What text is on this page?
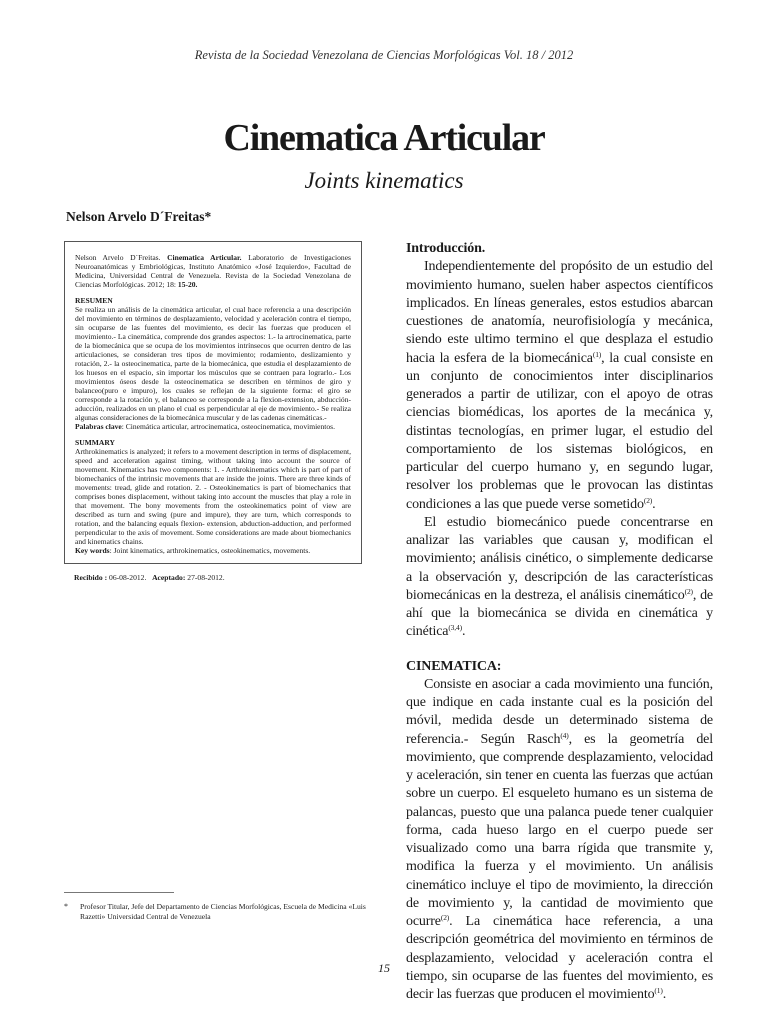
Revista de la Sociedad Venezolana de Ciencias Morfológicas Vol. 18 / 2012
Cinematica Articular
Joints kinematics
Nelson Arvelo D´Freitas*

Nelson Arvelo D´Freitas. Cinematica Articular. Laboratorio de Investigaciones Neuroanatómicas y Embriológicas, Instituto Anatómico «José Izquierdo», Facultad de Medicina, Universidad Central de Venezuela. Revista de la Sociedad Venezolana de Ciencias Morfológicas. 2012; 18: 15-20.

RESUMEN

Se realiza un análisis de la cinemática articular, el cual hace referencia a una descripción del movimiento en términos de desplazamiento, velocidad y aceleración contra el tiempo, sin ocuparse de las fuentes del movimiento, es decir las fuerzas que producen el movimiento.- La cinemática, comprende dos grandes aspectos: 1.- la artrocinematica, parte de la biomecánica que se ocupa de los movimientos intrínsecos que ocurren dentro de las articulaciones, se consideran tres tipos de movimiento; rodamiento, deslizamiento y rotación, 2.- la osteocinematica, parte de la biomecánica, que estudia el desplazamiento de los huesos en el espacio, sin importar los músculos que se contraen para lograrlo.- Los movimientos óseos desde la osteocinematica se describen en términos de giro y balanceo(puro e impuro), los cuales se reflejan de la siguiente forma: el giro se corresponde a la rotación y, el balanceo se corresponde a la flexion-extension, abducción-aducción, realizados en un plano el cual es perpendicular al eje de movimiento.- Se realiza algunas consideraciones de la biomecánica muscular y de las cadenas cinemáticas.-

Palabras clave: Cinemática articular, artrocinematica, osteocinematica, movimientos.

SUMMARY

Arthrokinematics is analyzed; it refers to a movement description in terms of displacement, speed and acceleration against timing, without taking into account the source of movement. Kinematics has two components: 1. - Arthrokinematics which is part of part of biomechanics of the intrinsic movements that are inside the joints. There are three kinds of movements: tread, glide and rotation. 2. - Osteokinematics is part of biomechanics that comprises bones displacement, without taking into account the muscles that play a role in that movement. The bony movements from the osteokinematics point of view are described as turn and swing (pure and impure), they are turn, which corresponds to rotation, and the balancing equals flexion- extension, abduction-adduction, and performed perpendicular to the axis of movement. Some considerations are made about biomechanics and kinematics chains.

Key words: Joint kinematics, arthrokinematics, osteokinematics, movements.

Recibido : 06-08-2012. Aceptado: 27-08-2012.
* Profesor Titular, Jefe del Departamento de Ciencias Morfológicas, Escuela de Medicina «Luis Razetti» Universidad Central de Venezuela

Introducción.

Independientemente del propósito de un estudio del movimiento humano, suelen haber aspectos científicos implicados. En líneas generales, estos estudios abarcan cuestiones de anatomía, neurofisiología y mecánica, siendo este ultimo termino el que desplaza el estudio hacia la esfera de la biomecánica$^{(1)}$, la cual consiste en un conjunto de conocimientos inter disciplinarios generados a partir de utilizar, con el apoyo de otras ciencias biomédicas, los aportes de la mecánica y, distintas tecnologías, en primer lugar, el estudio del comportamiento de los sistemas biológicos, en particular del cuerpo humano y, en segundo lugar, resolver los problemas que le provocan las distintas condiciones a las que puede verse sometido$^{(2)}$.

El estudio biomecánico puede concentrarse en analizar las variables que causan y, modifican el movimiento; análisis cinético, o simplemente dedicarse a la observación y, descripción de las características biomecánicas en la destreza, el análisis cinemático$^{(2)}$, de ahí que la biomecánica se divida en cinemática y cinética$^{(3,4)}$.

CINEMATICA:

Consiste en asociar a cada movimiento una función, que indique en cada instante cual es la posición del móvil, medida desde un determinado sistema de referencia.- Según Rasch$^{(4)}$, es la geometría del movimiento, que comprende desplazamiento, velocidad y aceleración, sin tener en cuenta las fuerzas que actúan sobre un cuerpo. El esqueleto humano es un sistema de palancas, puesto que una palanca puede tener cualquier forma, cada hueso largo en el cuerpo puede ser visualizado como una barra rígida que transmite y, modifica la fuerza y el movimiento. Un análisis cinemático incluye el tipo de movimiento, la dirección de movimiento y, la cantidad de movimiento que ocurre$^{(2)}$. La cinemática hace referencia, a una descripción geométrica del movimiento en términos de desplazamiento, velocidad y aceleración contra el tiempo, sin ocuparse de las fuentes del movimiento, es decir las fuerzas que producen el movimiento$^{(1)}$.

15
